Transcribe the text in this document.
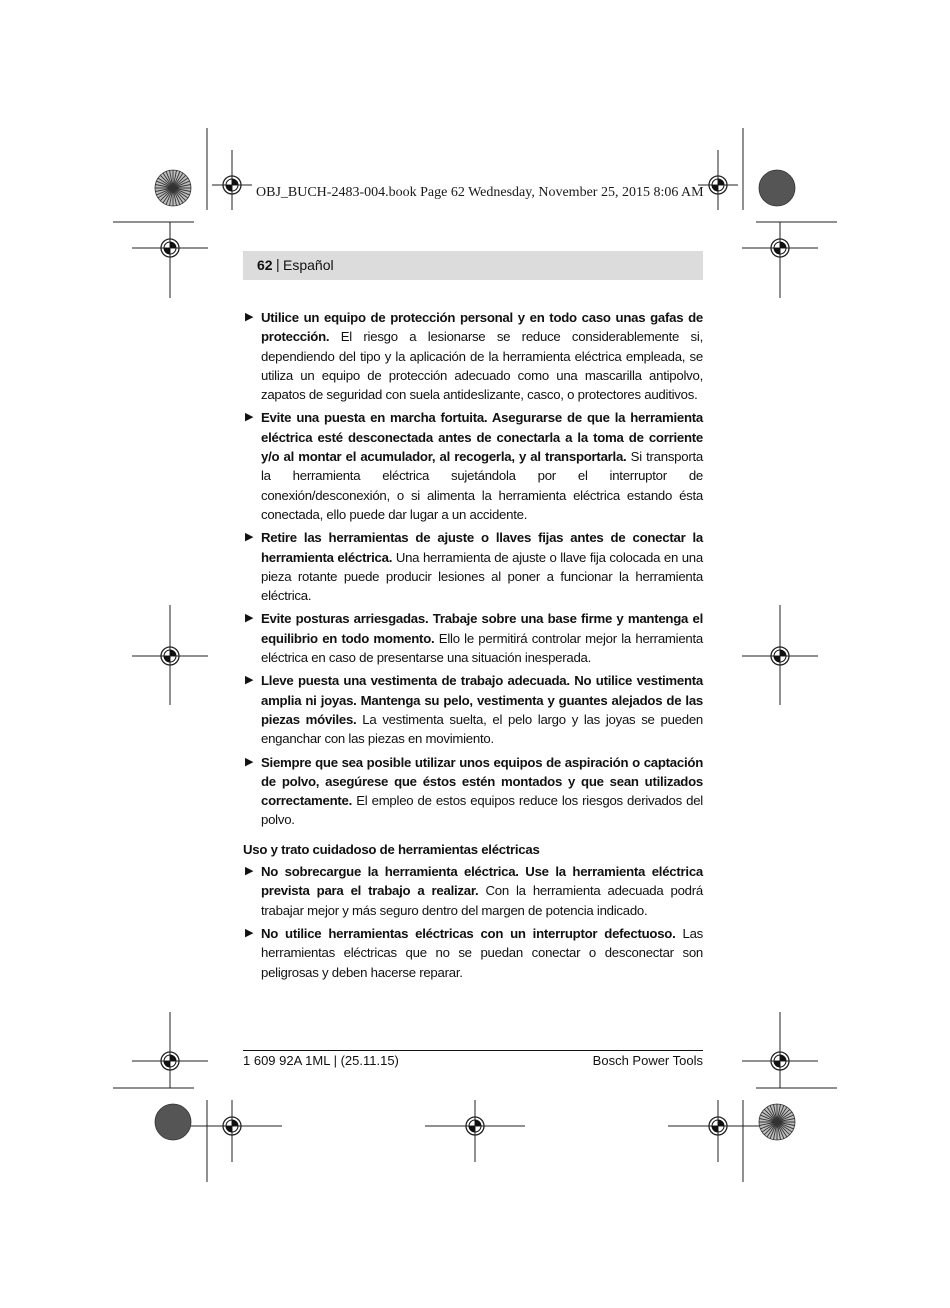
OBJ_BUCH-2483-004.book Page 62 Wednesday, November 25, 2015 8:06 AM
62 | Español
▶ Utilice un equipo de protección personal y en todo caso unas gafas de protección. El riesgo a lesionarse se reduce considerablemente si, dependiendo del tipo y la aplicación de la herramienta eléctrica empleada, se utiliza un equipo de protección adecuado como una mascarilla antipolvo, zapatos de seguridad con suela antideslizante, casco, o protectores auditivos.
▶ Evite una puesta en marcha fortuita. Asegurarse de que la herramienta eléctrica esté desconectada antes de conectarla a la toma de corriente y/o al montar el acumulador, al recogerla, y al transportarla. Si transporta la herramienta eléctrica sujetándola por el interruptor de conexión/desconexión, o si alimenta la herramienta eléctrica estando ésta conectada, ello puede dar lugar a un accidente.
▶ Retire las herramientas de ajuste o llaves fijas antes de conectar la herramienta eléctrica. Una herramienta de ajuste o llave fija colocada en una pieza rotante puede producir lesiones al poner a funcionar la herramienta eléctrica.
▶ Evite posturas arriesgadas. Trabaje sobre una base firme y mantenga el equilibrio en todo momento. Ello le permitirá controlar mejor la herramienta eléctrica en caso de presentarse una situación inesperada.
▶ Lleve puesta una vestimenta de trabajo adecuada. No utilice vestimenta amplia ni joyas. Mantenga su pelo, vestimenta y guantes alejados de las piezas móviles. La vestimenta suelta, el pelo largo y las joyas se pueden enganchar con las piezas en movimiento.
▶ Siempre que sea posible utilizar unos equipos de aspiración o captación de polvo, asegúrese que éstos estén montados y que sean utilizados correctamente. El empleo de estos equipos reduce los riesgos derivados del polvo.
Uso y trato cuidadoso de herramientas eléctricas
▶ No sobrecargue la herramienta eléctrica. Use la herramienta eléctrica prevista para el trabajo a realizar. Con la herramienta adecuada podrá trabajar mejor y más seguro dentro del margen de potencia indicado.
▶ No utilice herramientas eléctricas con un interruptor defectuoso. Las herramientas eléctricas que no se puedan conectar o desconectar son peligrosas y deben hacerse reparar.
1 609 92A 1ML | (25.11.15)	Bosch Power Tools
